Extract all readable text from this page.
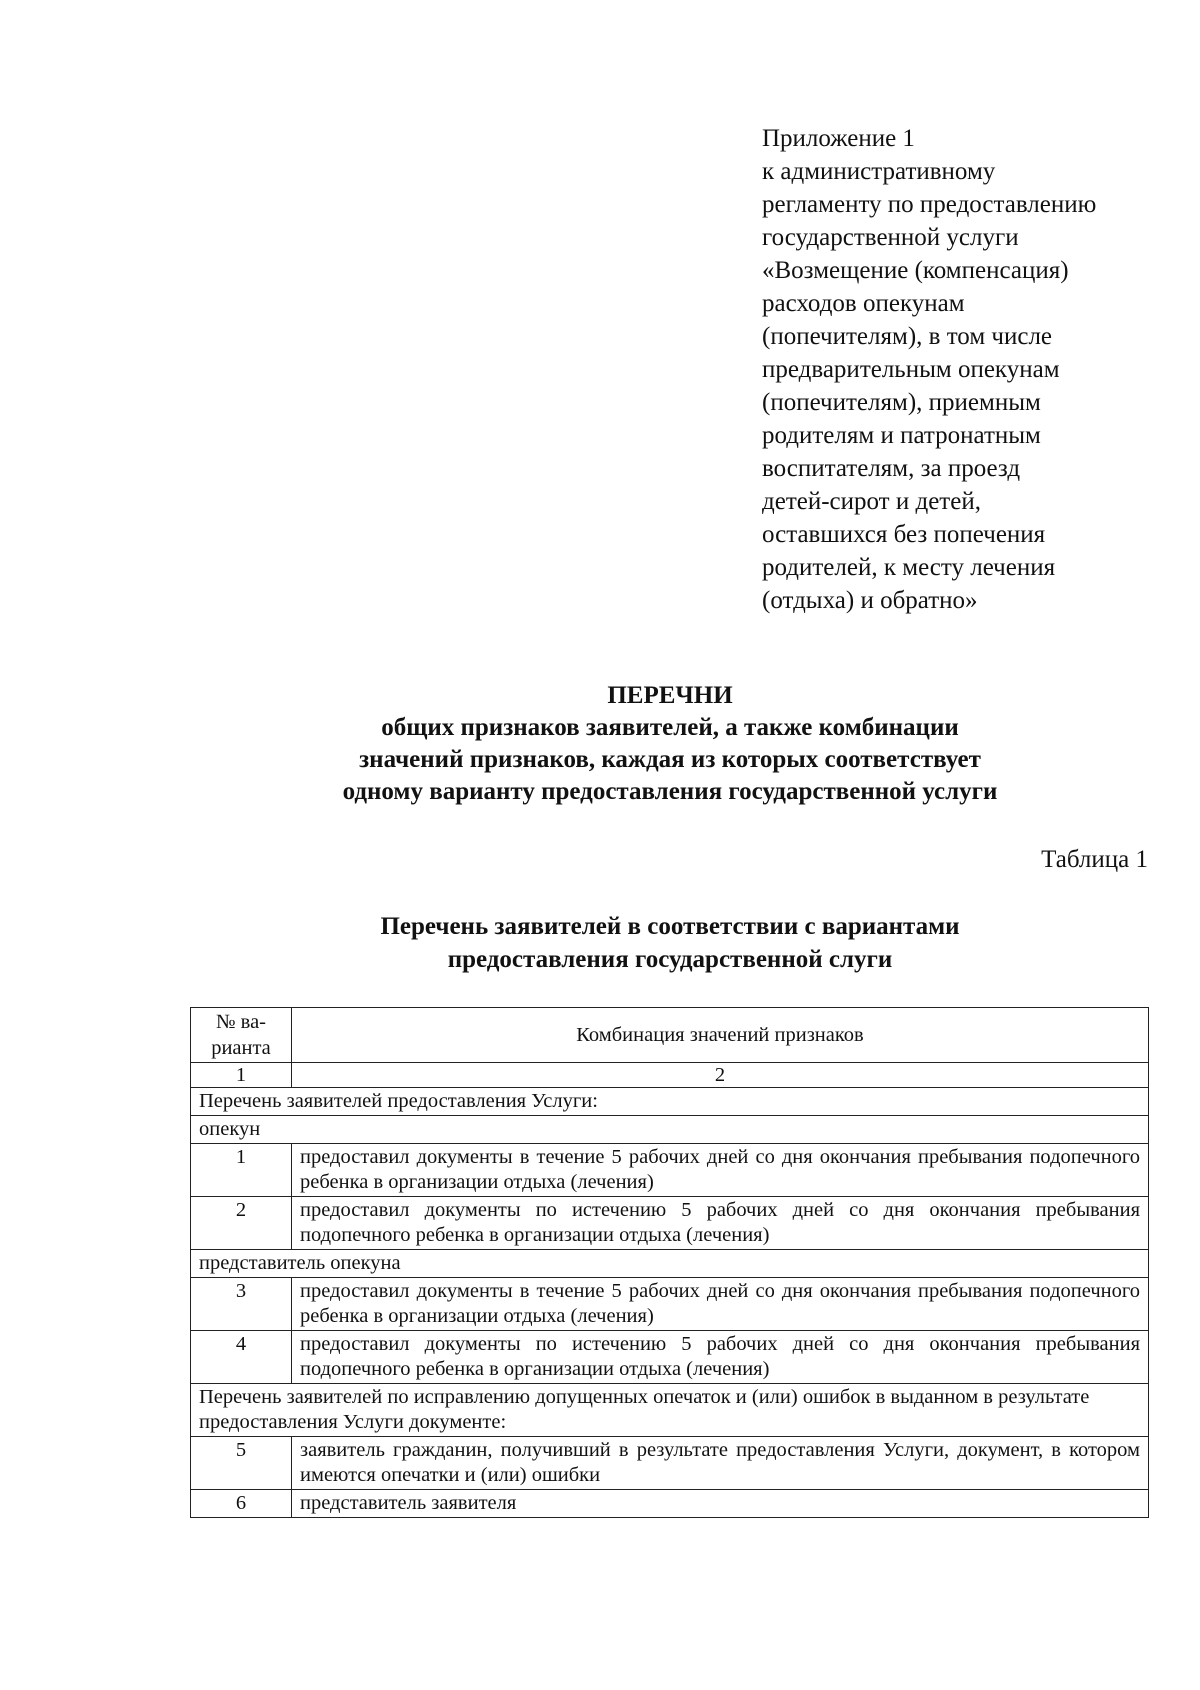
Приложение 1
к административному
регламенту по предоставлению
государственной услуги
«Возмещение (компенсация)
расходов опекунам
(попечителям), в том числе
предварительным опекунам
(попечителям), приемным
родителям и патронатным
воспитателям, за проезд
детей-сирот и детей,
оставшихся без попечения
родителей, к месту лечения
(отдыха) и обратно»
ПЕРЕЧНИ
общих признаков заявителей, а также комбинации
значений признаков, каждая из которых соответствует
одному варианту предоставления государственной услуги
Таблица 1
Перечень заявителей в соответствии с вариантами
предоставления государственной слуги
№ ва-
рианта	Комбинация значений признаков
1	2
Перечень заявителей предоставления Услуги:	
опекун	
1	предоставил документы в течение 5 рабочих дней со дня окончания пребывания подопечного ребенка в организации отдыха (лечения)
2	предоставил документы по истечению 5 рабочих дней со дня окончания пребывания подопечного ребенка в организации отдыха (лечения)
представитель опекуна	
3	предоставил документы в течение 5 рабочих дней со дня окончания пребывания подопечного ребенка в организации отдыха (лечения)
4	предоставил документы по истечению 5 рабочих дней со дня окончания пребывания подопечного ребенка в организации отдыха (лечения)
Перечень заявителей по исправлению допущенных опечаток и (или) ошибок в выданном в результате предоставления Услуги документе:	
5	заявитель гражданин, получивший в результате предоставления Услуги, документ, в котором имеются опечатки и (или) ошибки
6	представитель заявителя
